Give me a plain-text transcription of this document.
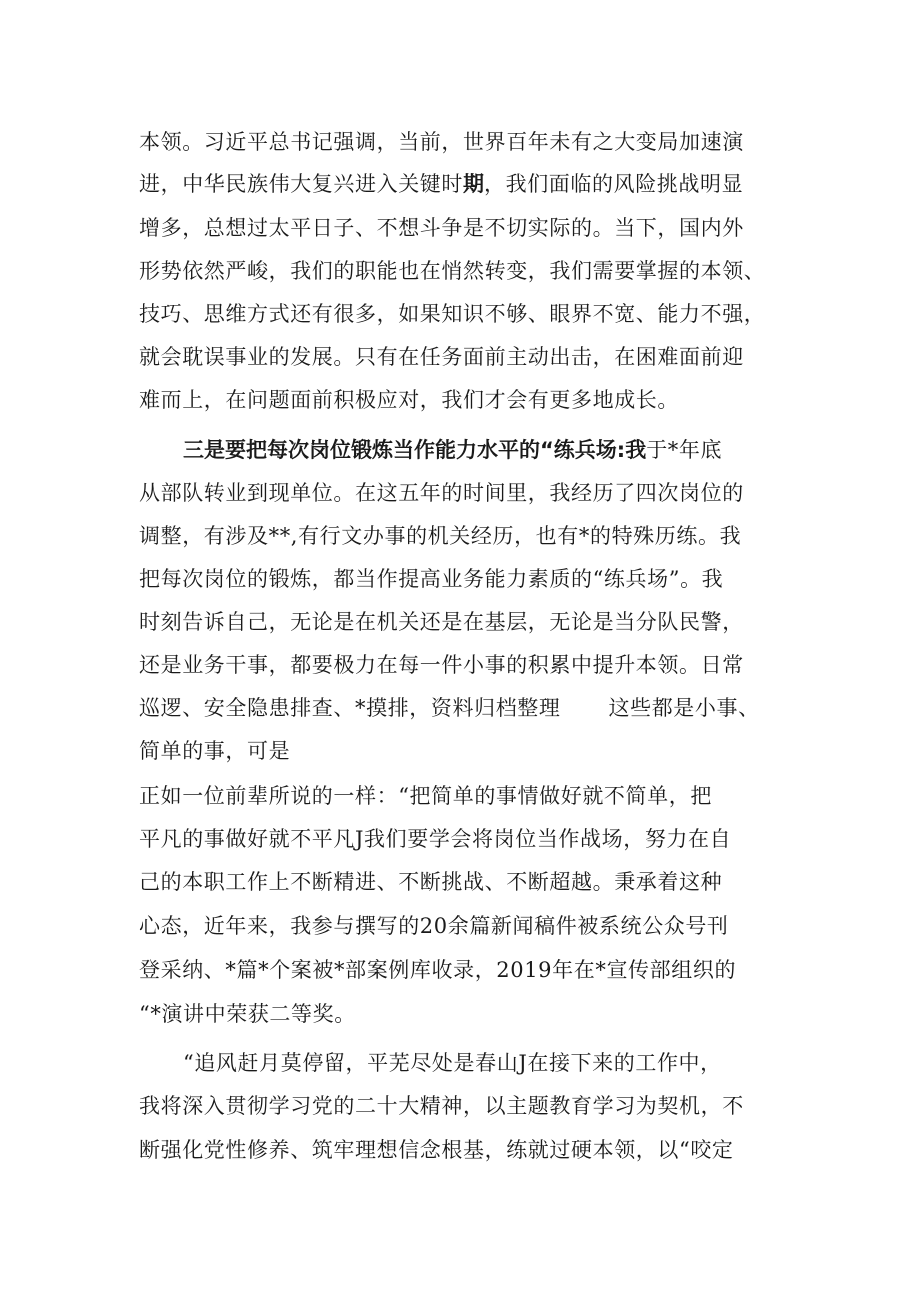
本领。习近平总书记强调，当前，世界百年未有之大变局加速演
进，中华民族伟大复兴进入关键时期，我们面临的风险挑战明显
增多，总想过太平日子、不想斗争是不切实际的。当下，国内外
形势依然严峻，我们的职能也在悄然转变，我们需要掌握的本领、
技巧、思维方式还有很多，如果知识不够、眼界不宽、能力不强，
就会耽误事业的发展。只有在任务面前主动出击，在困难面前迎
难而上，在问题面前积极应对，我们才会有更多地成长。
三是要把每次岗位锻炼当作能力水平的“练兵场:我于*年底
从部队转业到现单位。在这五年的时间里，我经历了四次岗位的
调整，有涉及**,有行文办事的机关经历，也有*的特殊历练。我
把每次岗位的锻炼，都当作提高业务能力素质的“练兵场”。我
时刻告诉自己，无论是在机关还是在基层，无论是当分队民警，
还是业务干事，都要极力在每一件小事的积累中提升本领。日常
巡逻、安全隐患排查、*摸排，资料归档整理 这些都是小事、
简单的事，可是
正如一位前辈所说的一样：“把简单的事情做好就不简单，把
平凡的事做好就不平凡J我们要学会将岗位当作战场，努力在自
己的本职工作上不断精进、不断挑战、不断超越。秉承着这种
心态，近年来，我参与撰写的20余篇新闻稿件被系统公众号刊
登采纳、*篇*个案被*部案例库收录，2019年在*宣传部组织的
“*演讲中荣获二等奖。
“追风赶月莫停留，平芜尽处是春山J在接下来的工作中，
我将深入贯彻学习党的二十大精神，以主题教育学习为契机，不
断强化党性修养、筑牢理想信念根基，练就过硬本领，以“咬定
